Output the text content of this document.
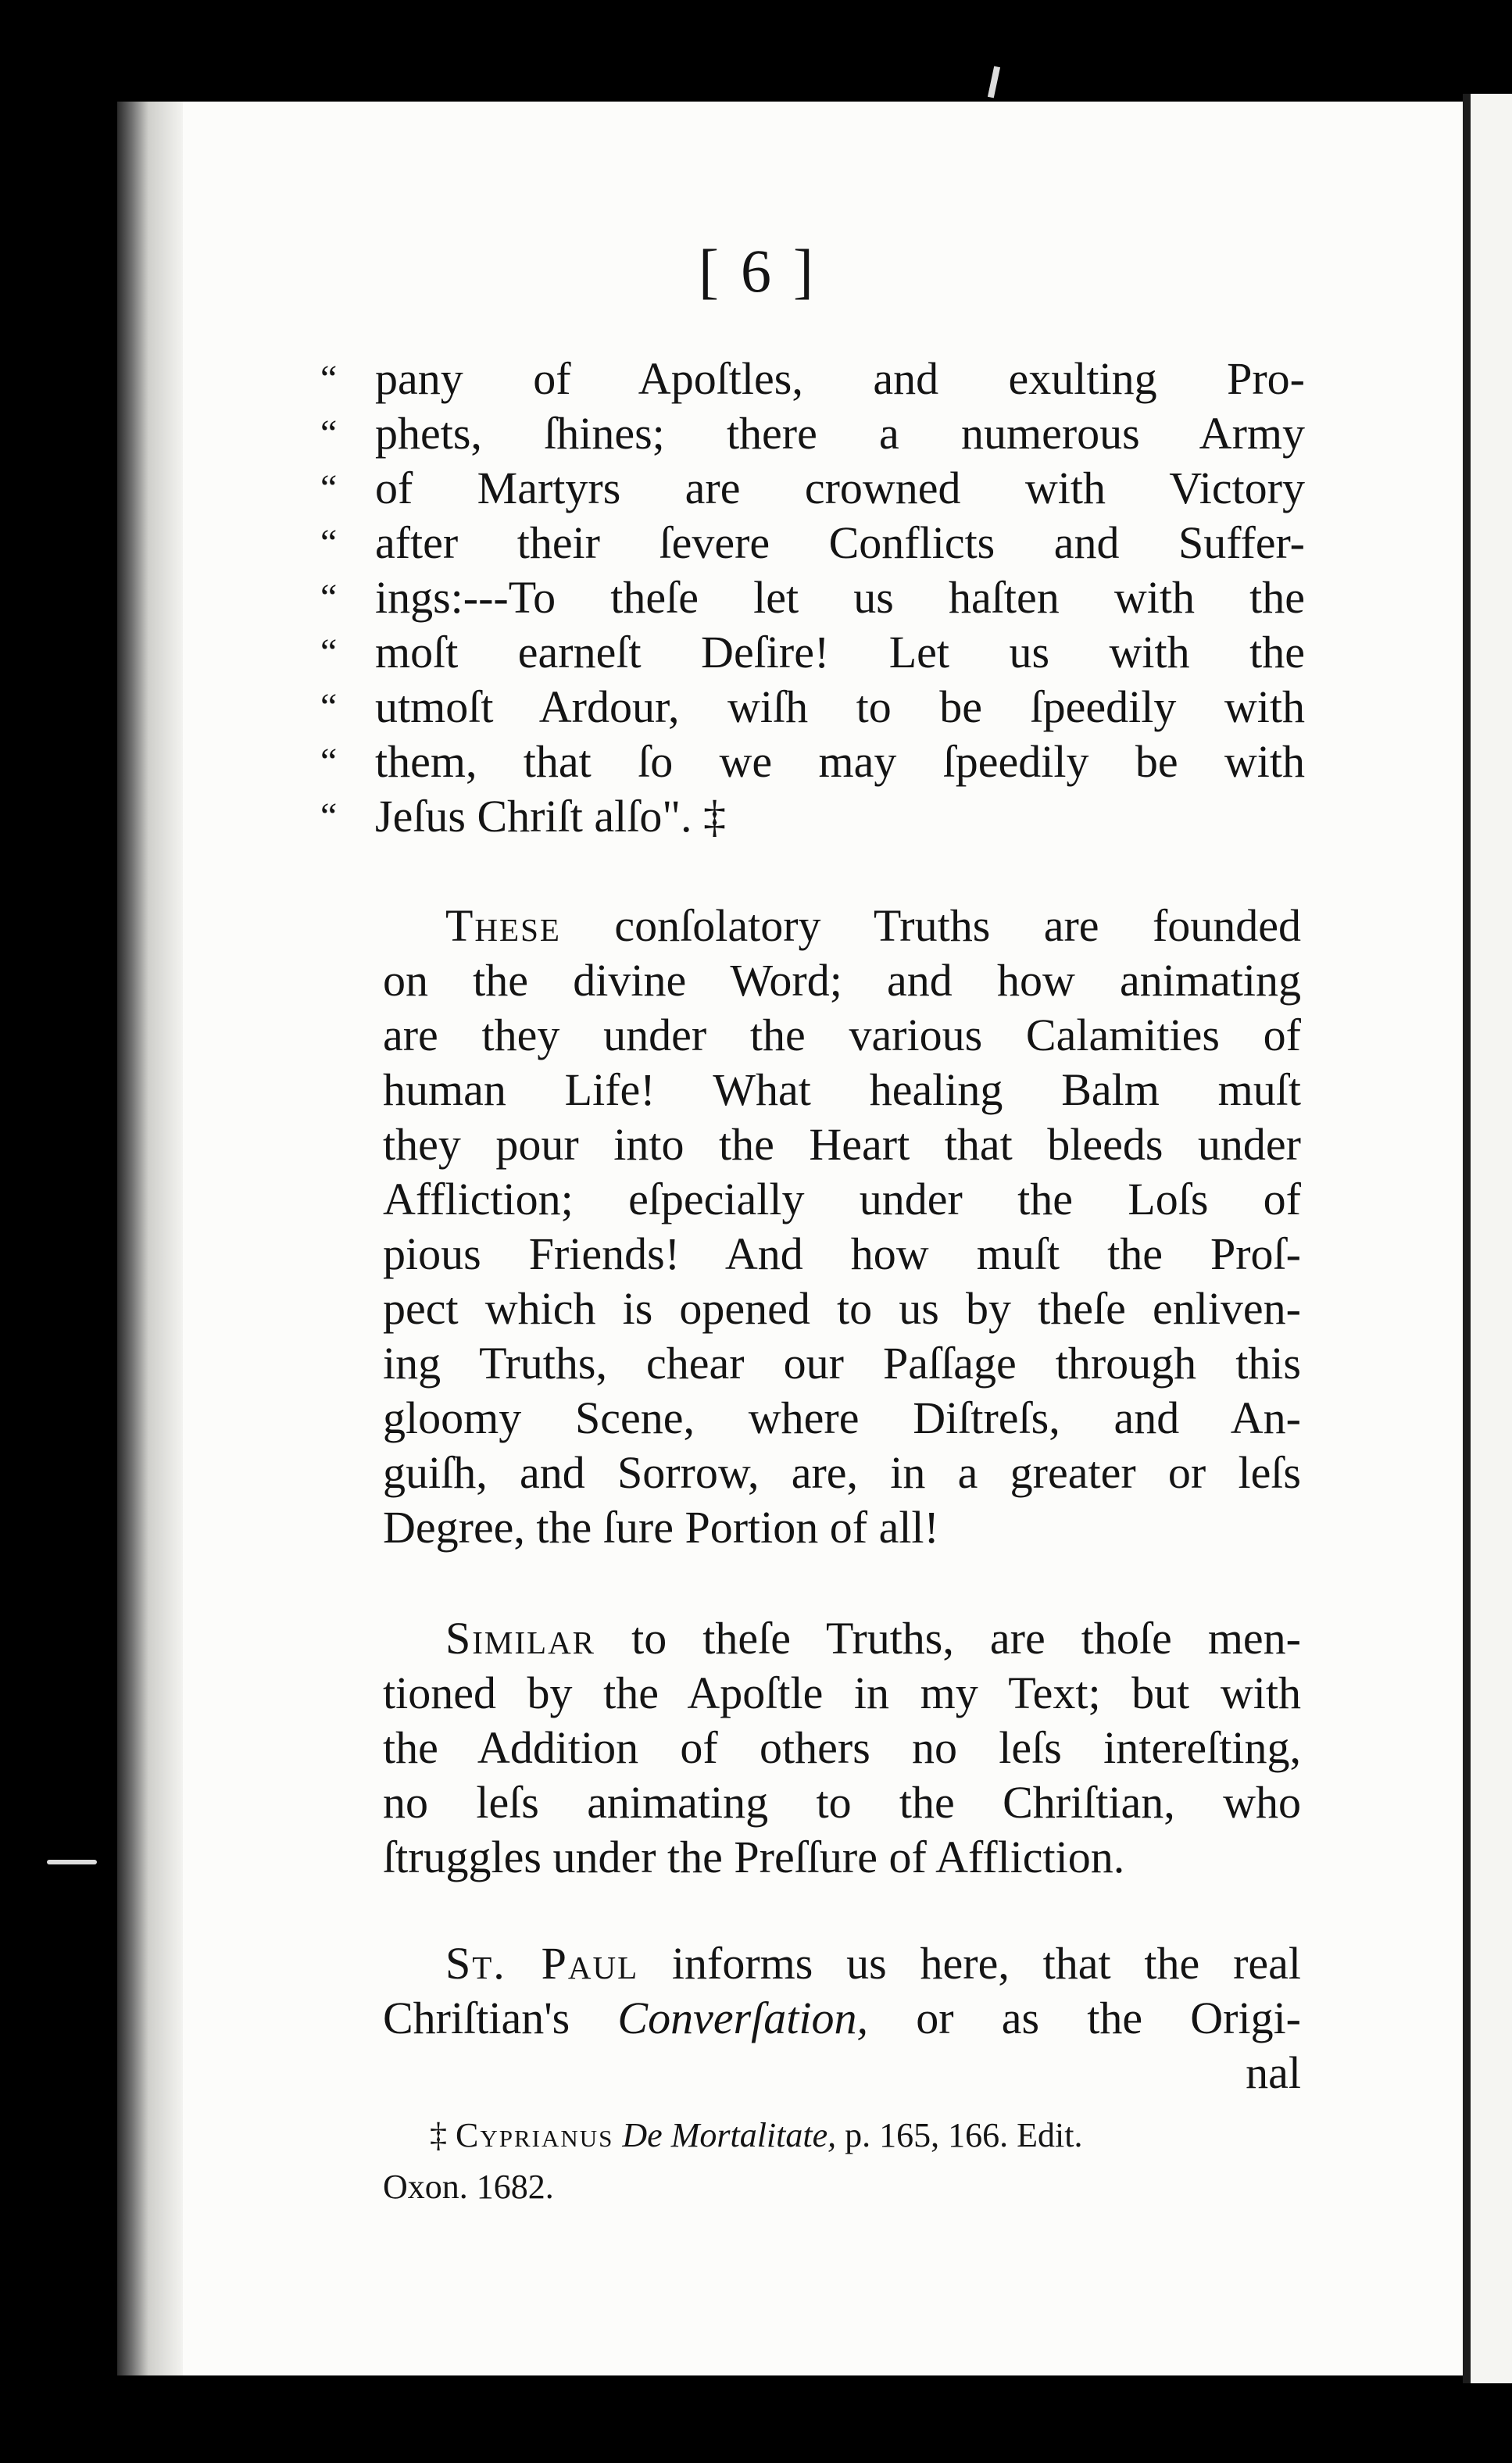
[ 6 ]
“ pany of Apoſtles, and exulting Pro-
“ phets, ſhines; there a numerous Army
“ of Martyrs are crowned with Victory
“ after their ſevere Conflicts and Suffer-
“ ings:---To theſe let us haſten with the
“ moſt earneſt Deſire! Let us with the
“ utmoſt Ardour, wiſh to be ſpeedily with
“ them, that ſo we may ſpeedily be with
“ Jeſus Chriſt alſo". ‡
These conſolatory Truths are founded
on the divine Word; and how animating
are they under the various Calamities of
human Life! What healing Balm muſt
they pour into the Heart that bleeds under
Affliction; eſpecially under the Loſs of
pious Friends! And how muſt the Proſ-
pect which is opened to us by theſe enliven-
ing Truths, chear our Paſſage through this
gloomy Scene, where Diſtreſs, and An-
guiſh, and Sorrow, are, in a greater or leſs
Degree, the ſure Portion of all!
Similar to theſe Truths, are thoſe men-
tioned by the Apoſtle in my Text; but with
the Addition of others no leſs intereſting,
no leſs animating to the Chriſtian, who
ſtruggles under the Preſſure of Affliction.
St. Paul informs us here, that the real
Chriſtian's Converſation, or as the Origi-
nal
‡ Cyprianus De Mortalitate, p. 165, 166. Edit.
Oxon. 1682.
